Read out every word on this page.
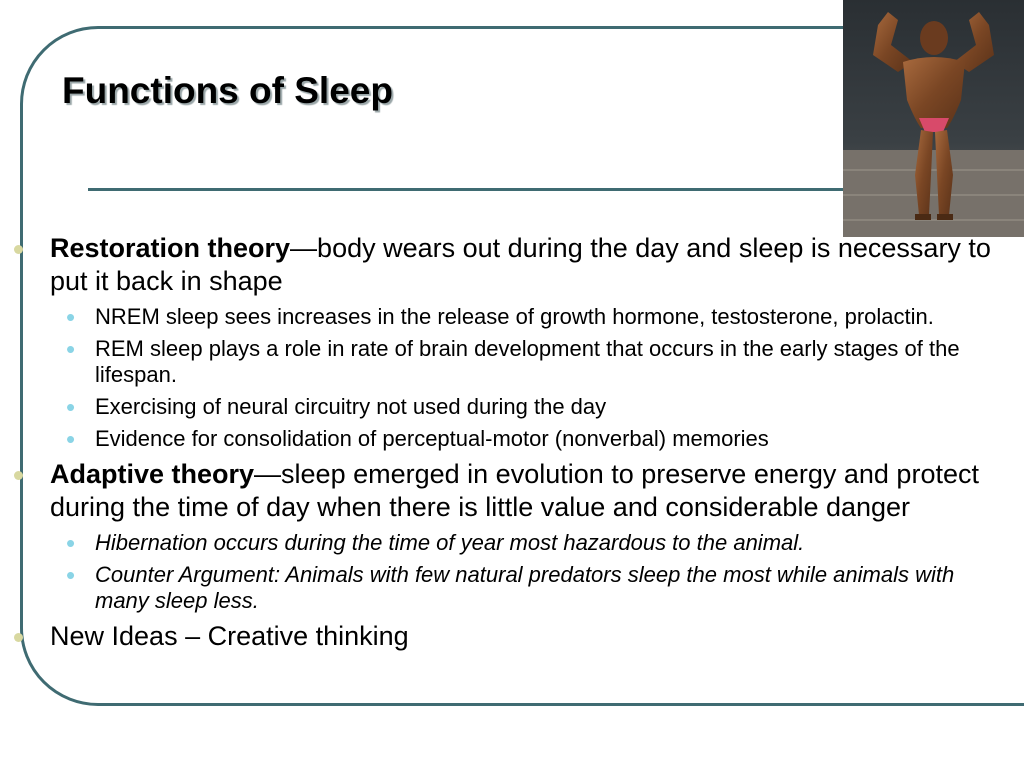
Functions of Sleep

Restoration theory—body wears out during the day and sleep is necessary to put it back in shape

• NREM sleep sees increases in the release of growth hormone, testosterone, prolactin.

• REM sleep plays a role in rate of brain development that occurs in the early stages of the lifespan.

• Exercising of neural circuitry not used during the day

• Evidence for consolidation of perceptual-motor (nonverbal) memories

Adaptive theory—sleep emerged in evolution to preserve energy and protect during the time of day when there is little value and considerable danger

• Hibernation occurs during the time of year most hazardous to the animal.

• Counter Argument: Animals with few natural predators sleep the most while animals with many sleep less.

New Ideas – Creative thinking
